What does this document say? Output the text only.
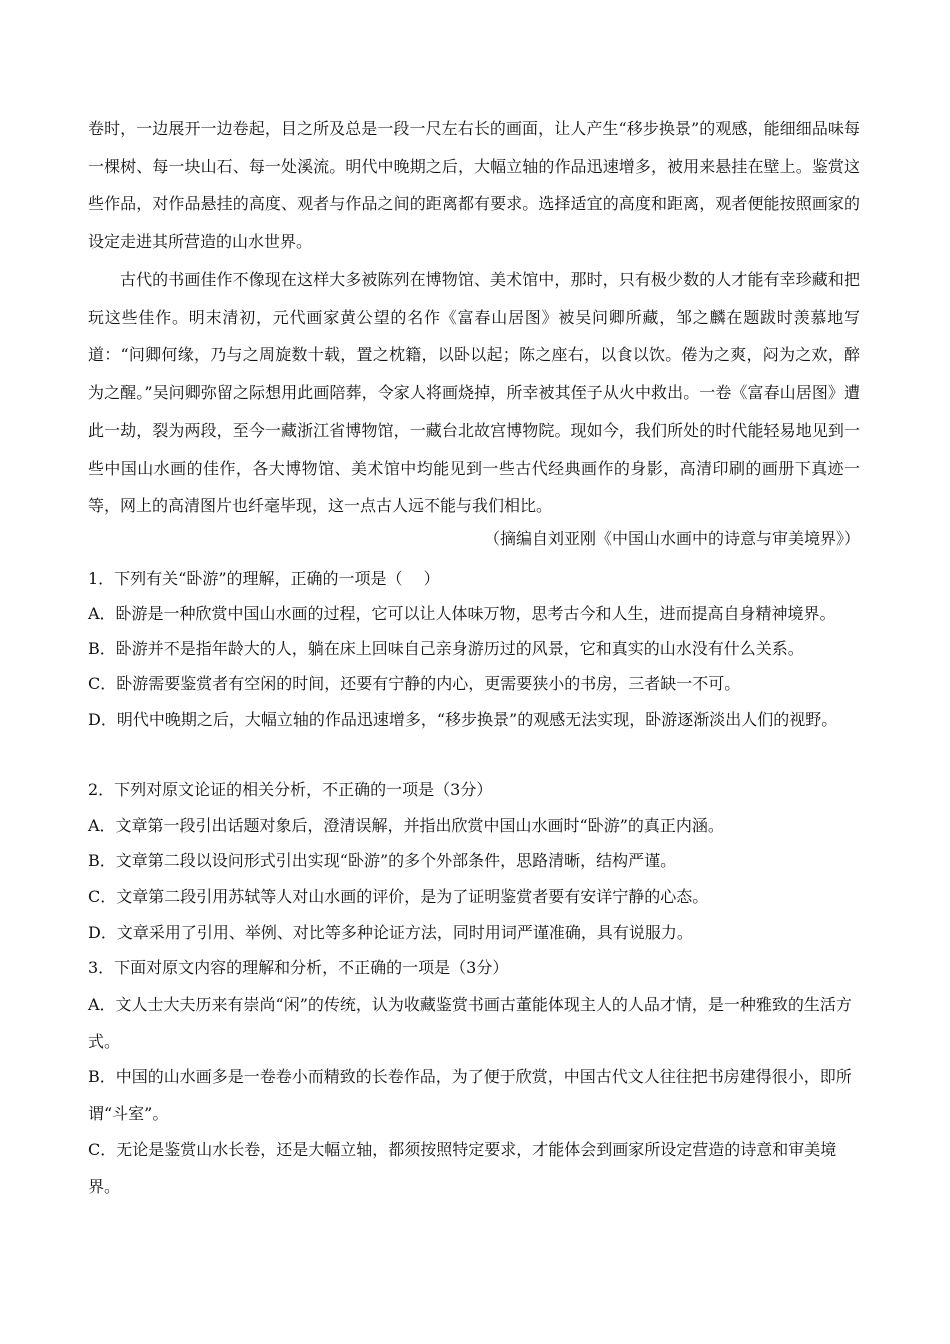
卷时，一边展开一边卷起，目之所及总是一段一尺左右长的画面，让人产生“移步换景”的观感，能细细品味每一棵树、每一块山石、每一处溪流。明代中晚期之后，大幅立轴的作品迅速增多，被用来悬挂在壁上。鉴赏这些作品，对作品悬挂的高度、观者与作品之间的距离都有要求。选择适宜的高度和距离，观者便能按照画家的设定走进其所营造的山水世界。

古代的书画佳作不像现在这样大多被陈列在博物馆、美术馆中，那时，只有极少数的人才能有幸珍藏和把玩这些佳作。明末清初，元代画家黄公望的名作《富春山居图》被吴问卿所藏，邹之麟在题跋时羡慕地写道：“问卿何缘，乃与之周旋数十载，置之枕籍，以卧以起；陈之座右，以食以饮。倦为之爽，闷为之欢，醉为之醒。”吴问卿弥留之际想用此画陪葬，令家人将画烧掉，所幸被其侄子从火中救出。一卷《富春山居图》遭此一劫，裂为两段，至今一藏浙江省博物馆，一藏台北故宫博物院。现如今，我们所处的时代能轻易地见到一些中国山水画的佳作，各大博物馆、美术馆中均能见到一些古代经典画作的身影，高清印刷的画册下真迹一等，网上的高清图片也纤毫毕现，这一点古人远不能与我们相比。

（摘编自刘亚刚《中国山水画中的诗意与审美境界》）

1．下列有关“卧游”的理解，正确的一项是（　 ）

A．卧游是一种欣赏中国山水画的过程，它可以让人体味万物，思考古今和人生，进而提高自身精神境界。

B．卧游并不是指年龄大的人，躺在床上回味自己亲身游历过的风景，它和真实的山水没有什么关系。

C．卧游需要鉴赏者有空闲的时间，还要有宁静的内心，更需要狭小的书房，三者缺一不可。

D．明代中晚期之后，大幅立轴的作品迅速增多，“移步换景”的观感无法实现，卧游逐渐淡出人们的视野。

2．下列对原文论证的相关分析，不正确的一项是（3分）

A．文章第一段引出话题对象后，澄清误解，并指出欣赏中国山水画时“卧游”的真正内涵。

B．文章第二段以设问形式引出实现“卧游”的多个外部条件，思路清晰，结构严谨。

C．文章第二段引用苏轼等人对山水画的评价，是为了证明鉴赏者要有安详宁静的心态。

D．文章采用了引用、举例、对比等多种论证方法，同时用词严谨准确，具有说服力。

3．下面对原文内容的理解和分析，不正确的一项是（3分）

A．文人士大夫历来有崇尚“闲”的传统，认为收藏鉴赏书画古董能体现主人的人品才情，是一种雅致的生活方式。

B．中国的山水画多是一卷卷小而精致的长卷作品，为了便于欣赏，中国古代文人往往把书房建得很小，即所谓“斗室”。

C．无论是鉴赏山水长卷，还是大幅立轴，都须按照特定要求，才能体会到画家所设定营造的诗意和审美境界。
